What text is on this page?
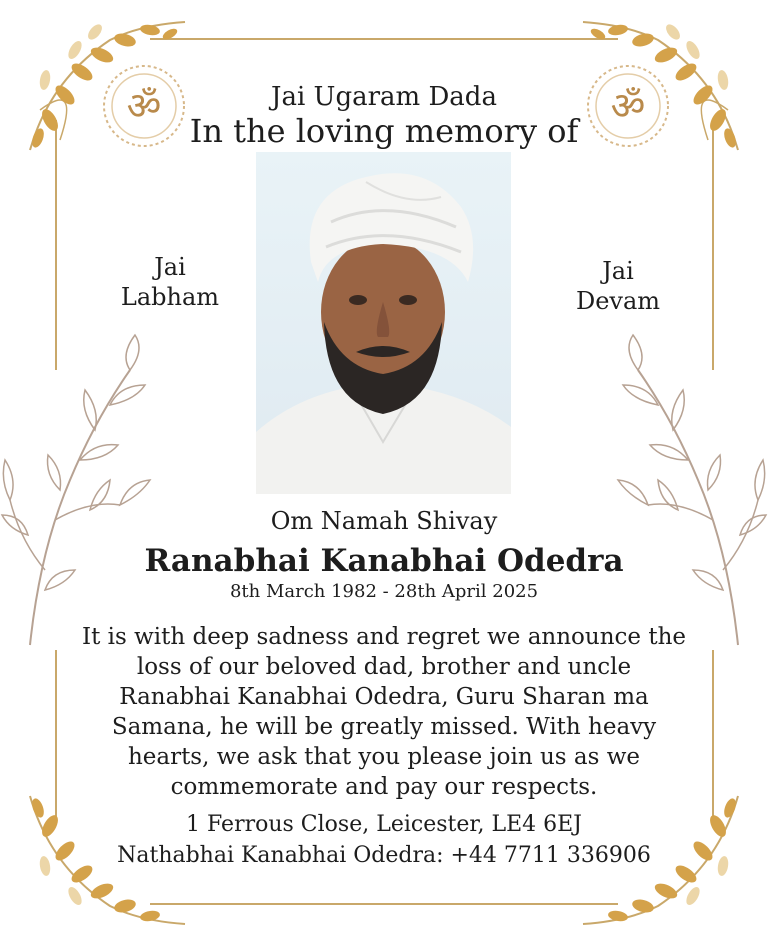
ॐ	ॐ
Jai Ugaram Dada
In the loving memory of
Jai
Labham
Jai
Devam
Om Namah Shivay
Ranabhai Kanabhai Odedra
8th March 1982 - 28th April 2025
It is with deep sadness and regret we announce the loss of our beloved dad, brother and uncle Ranabhai Kanabhai Odedra, Guru Sharan ma Samana, he will be greatly missed. With heavy hearts, we ask that you please join us as we commemorate and pay our respects.
1 Ferrous Close, Leicester, LE4 6EJ
Nathabhai Kanabhai Odedra: +44 7711 336906
